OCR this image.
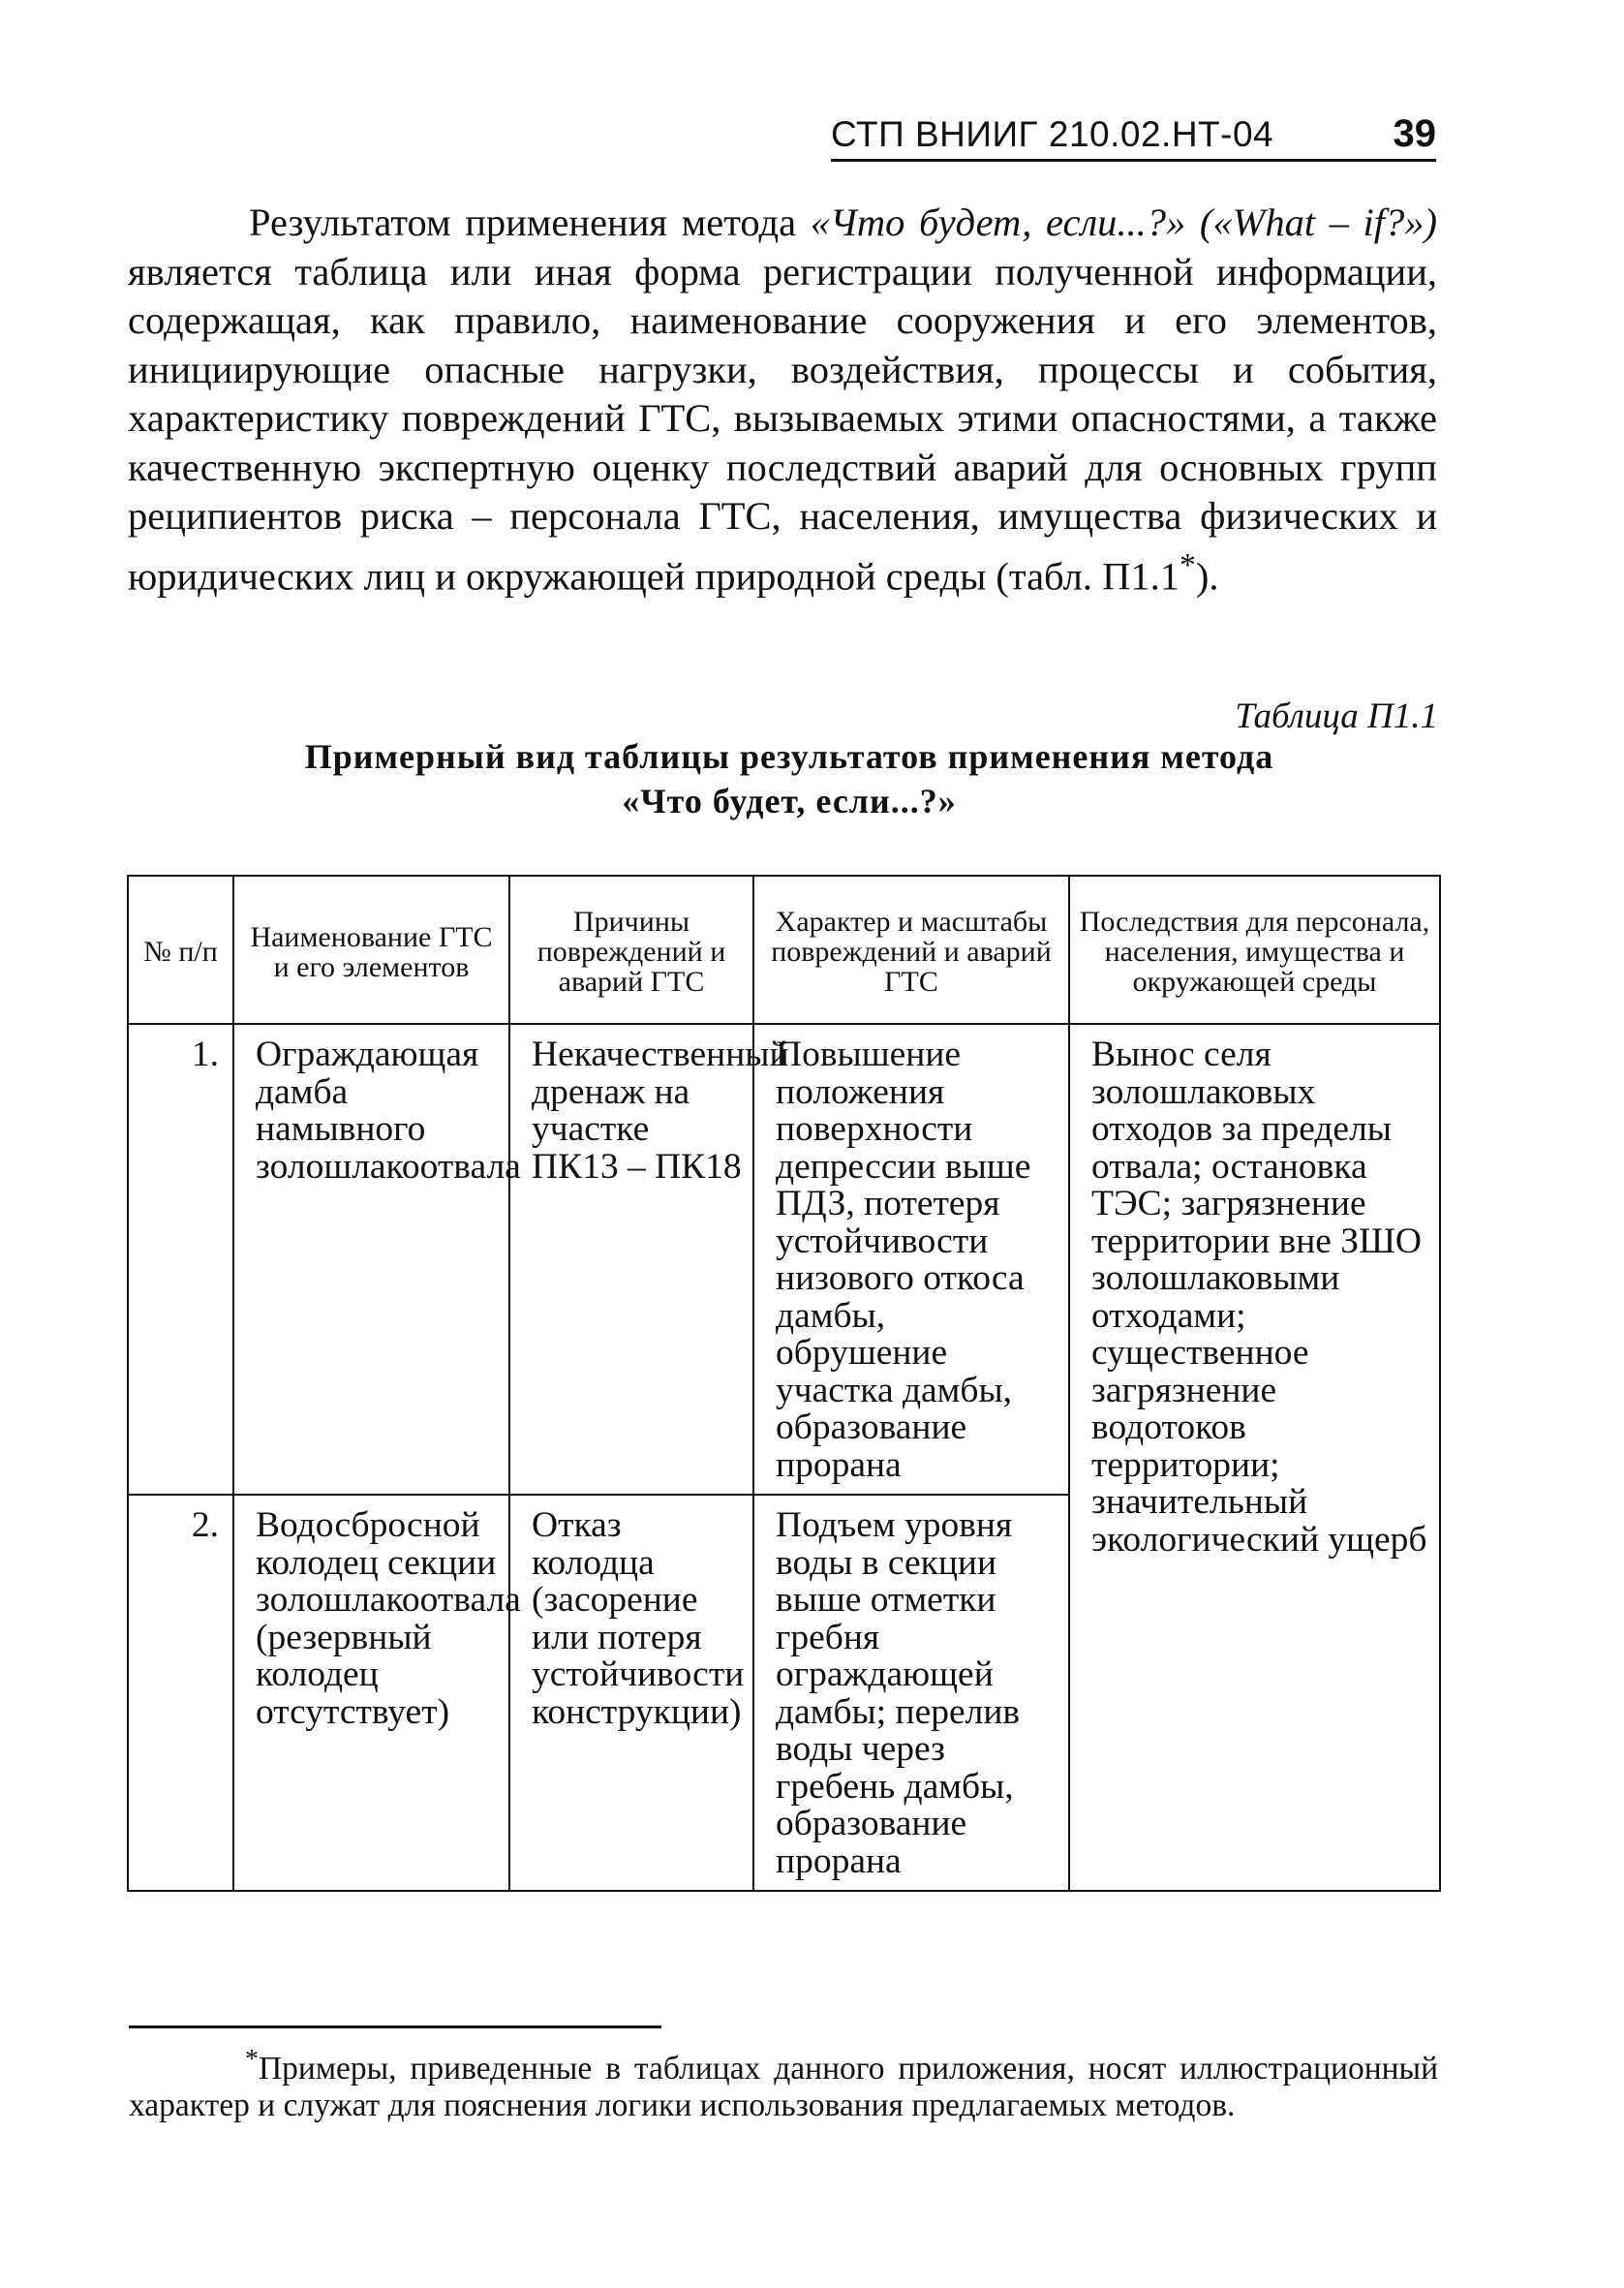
СТП ВНИИГ 210.02.НТ-04	39

Результатом применения метода «Что будет, если...?» («What – if?») является таблица или иная форма регистрации полученной информации, содержащая, как правило, наименование сооружения и его элементов, инициирующие опасные нагрузки, воздействия, процессы и события, характеристику повреждений ГТС, вызываемых этими опасностями, а также качественную экспертную оценку последствий аварий для основных групп реципиентов риска – персонала ГТС, населения, имущества физических и юридических лиц и окружающей природной среды (табл. П1.1*).

Таблица П1.1
Примерный вид таблицы результатов применения метода
«Что будет, если...?»
№ п/п	Наименование ГТС и его элементов	Причины повреждений и аварий ГТС	Характер и масштабы повреждений и аварий ГТС	Последствия для персонала, населения, имущества и окружающей среды
1.	Ограждающая дамба намывного золошлакоотвала	Некачественный дренаж на участке ПК13 – ПК18	Повышение положения поверхности депрессии выше ПДЗ, потетеря устойчивости низового откоса дамбы, обрушение участка дамбы, образование прорана	Вынос селя золошлаковых отходов за пределы отвала; остановка ТЭС; загрязнение территории вне ЗШО золошлаковыми отходами; существенное загрязнение водотоков территории; значительный экологический ущерб
2.	Водосбросной колодец секции золошлакоотвала (резервный колодец отсутствует)	Отказ колодца (засорение или потеря устойчивости конструкции)	Подъем уровня воды в секции выше отметки гребня ограждающей дамбы; перелив воды через гребень дамбы, образование прорана	

*Примеры, приведенные в таблицах данного приложения, носят иллюстрационный характер и служат для пояснения логики использования предлагаемых методов.
